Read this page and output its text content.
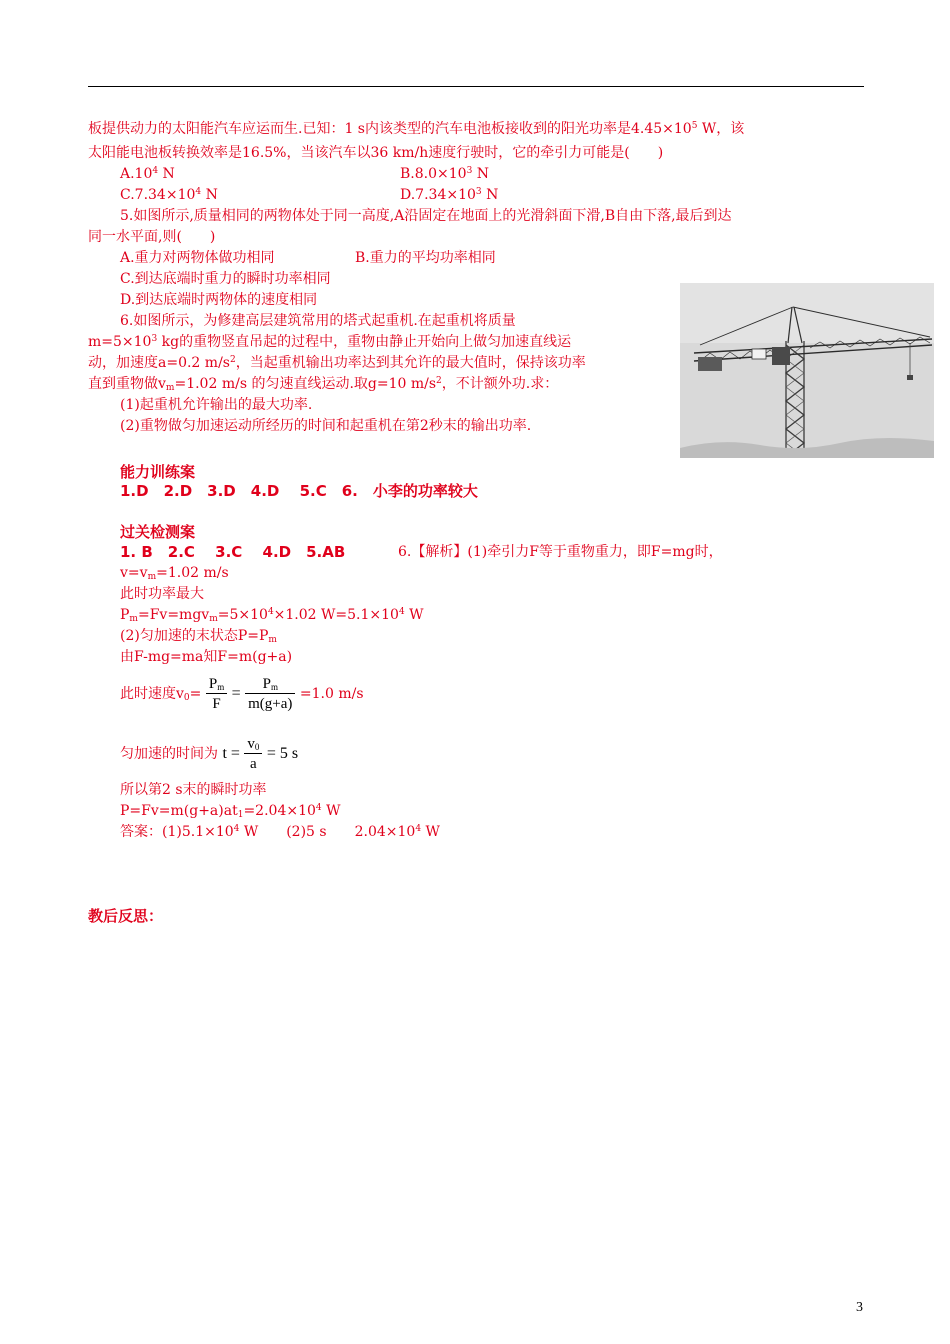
板提供动力的太阳能汽车应运而生.已知：1 s内该类型的汽车电池板接收到的阳光功率是$4.45\times 10^5$ W，该
太阳能电池板转换效率是16.5%，当该汽车以36 km/h速度行驶时，它的牵引力可能是(　　)
$A.10^4$ N	$B.8.0\times 10^3$ N
$C.7.34\times 10^4$ N	$D.7.34\times 10^3$ N
5.如图所示,质量相同的两物体处于同一高度,A沿固定在地面上的光滑斜面下滑,B自由下落,最后到达
同一水平面,则(　　)
A.重力对两物体做功相同	B.重力的平均功率相同
C.到达底端时重力的瞬时功率相同
D.到达底端时两物体的速度相同
6.如图所示，为修建高层建筑常用的塔式起重机.在起重机将质量
$m=5\times 10^3$ kg的重物竖直吊起的过程中，重物由静止开始向上做匀加速直线运
动，加速度a=0.2 $m/s^2$，当起重机输出功率达到其允许的最大值时，保持该功率
直到重物做$v_m=1.02$ m/s 的匀速直线运动.取g=10 $m/s^2$，不计额外功.求：
(1)起重机允许输出的最大功率.
(2)重物做匀加速运动所经历的时间和起重机在第2秒末的输出功率.
能力训练案
1.D　2.D　3.D　4.D　 5.C　6.　小李的功率较大
过关检测案
1. B　2.C　 3.C　 4.D　5.AB	6.【解析】(1)牵引力F等于重物重力，即F=mg时，
$v=v_m=1.02$ m/s
此时功率最大
$P_m=Fv=mgv_m=5\times 10^4\times 1.02$ $W=5.1\times 10^4$ W
(2)匀加速的末状态$P=P_m$
由F-mg=ma知F=m(g+a)
此时速度$v_0= \frac{P_m}{F} = \frac{P_m}{m(g+a)} =1.0$ m/s
匀加速的时间为 $t = \frac{v_0}{a} = 5$ s
所以第2 s末的瞬时功率
$P=Fv=m(g+a)at_1=2.04\times 10^4$ W
答案：$(1)5.1\times 10^4$ W　　(2)5 s　　$2.04\times 10^4$ W
教后反思：
3
